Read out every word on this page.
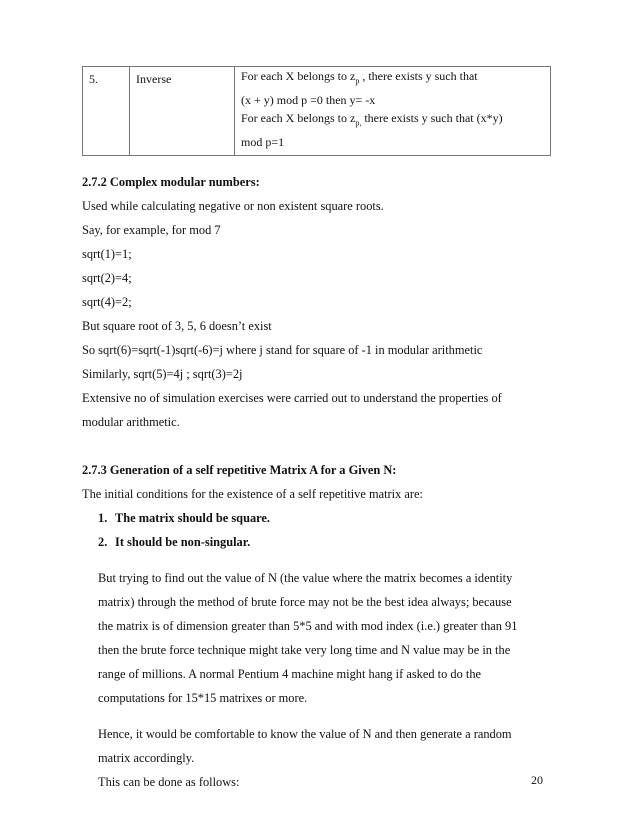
5.	Inverse	For each X belongs to $z_p$ , there exists y such that
(x + y) mod p =0 then y= -x
For each X belongs to $z_{p,}$ there exists y such that (x*y)
mod p=1
2.7.2 Complex modular numbers:
Used while calculating negative or non existent square roots.
Say, for example, for mod 7
sqrt(1)=1;
sqrt(2)=4;
sqrt(4)=2;
But square root of 3, 5, 6 doesn’t exist
So sqrt(6)=sqrt(-1)sqrt(-6)=j where j stand for square of -1 in modular arithmetic
Similarly, sqrt(5)=4j ; sqrt(3)=2j
Extensive no of simulation exercises were carried out to understand the properties of
modular arithmetic.
2.7.3 Generation of a self repetitive Matrix A for a Given N:
The initial conditions for the existence of a self repetitive matrix are:
1. The matrix should be square.
2. It should be non-singular.
But trying to find out the value of N (the value where the matrix becomes a identity
matrix) through the method of brute force may not be the best idea always; because
the matrix is of dimension greater than 5*5 and with mod index (i.e.) greater than 91
then the brute force technique might take very long time and N value may be in the
range of millions. A normal Pentium 4 machine might hang if asked to do the
computations for 15*15 matrixes or more.
Hence, it would be comfortable to know the value of N and then generate a random
matrix accordingly.
This can be done as follows:	20
